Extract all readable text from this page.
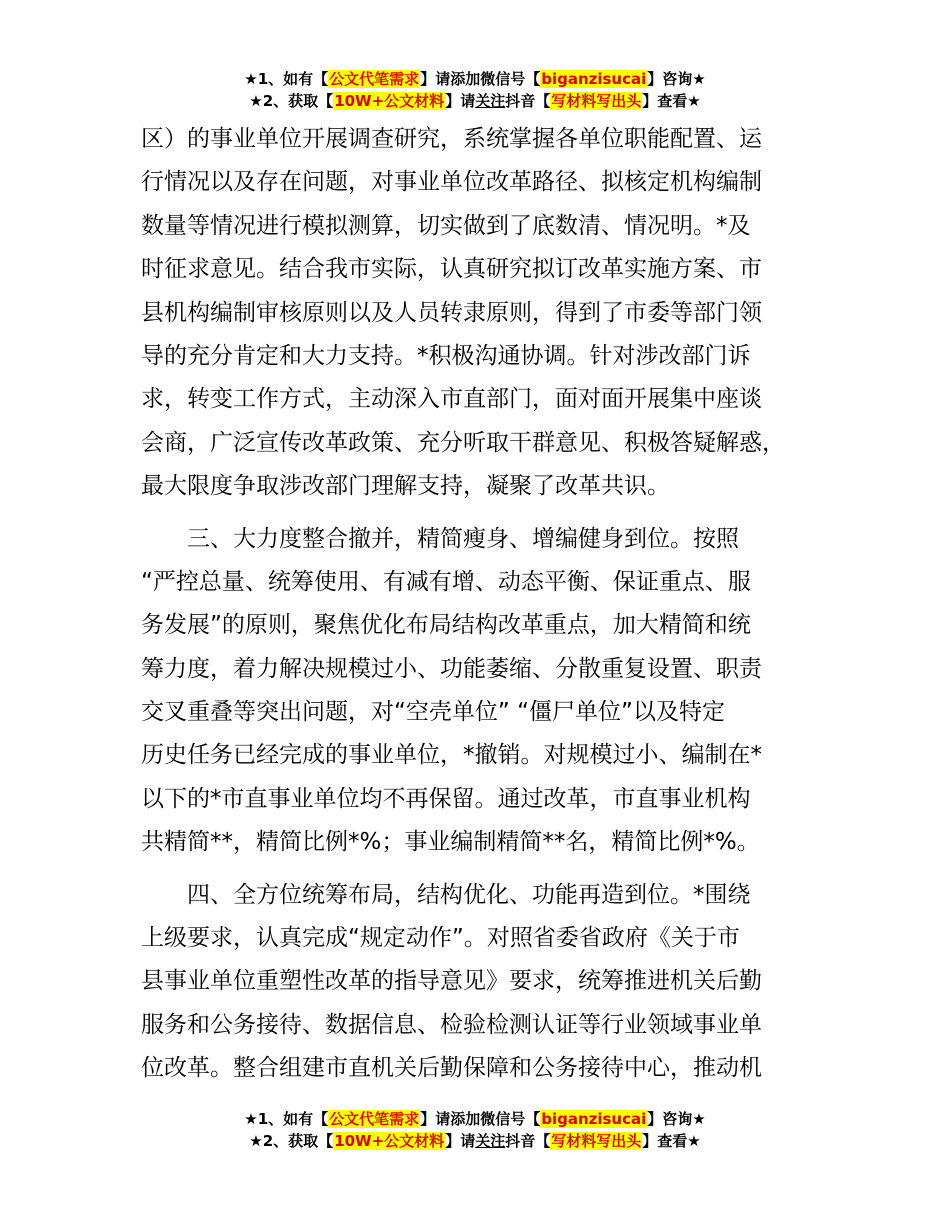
★1、如有【公文代笔需求】请添加微信号【biganzisucai】咨询★
★2、获取【10W+公文材料】请关注抖音【写材料写出头】查看★
区）的事业单位开展调查研究，系统掌握各单位职能配置、运
行情况以及存在问题，对事业单位改革路径、拟核定机构编制
数量等情况进行模拟测算，切实做到了底数清、情况明。*及
时征求意见。结合我市实际，认真研究拟订改革实施方案、市
县机构编制审核原则以及人员转隶原则，得到了市委等部门领
导的充分肯定和大力支持。*积极沟通协调。针对涉改部门诉
求，转变工作方式，主动深入市直部门，面对面开展集中座谈
会商，广泛宣传改革政策、充分听取干群意见、积极答疑解惑，
最大限度争取涉改部门理解支持，凝聚了改革共识。
　　三、大力度整合撤并，精简瘦身、增编健身到位。按照
“严控总量、统筹使用、有减有增、动态平衡、保证重点、服
务发展”的原则，聚焦优化布局结构改革重点，加大精简和统
筹力度，着力解决规模过小、功能萎缩、分散重复设置、职责
交叉重叠等突出问题，对“空壳单位” “僵尸单位”以及特定
历史任务已经完成的事业单位，*撤销。对规模过小、编制在*
以下的*市直事业单位均不再保留。通过改革，市直事业机构
共精简**，精简比例*%；事业编制精简**名，精简比例*%。
　　四、全方位统筹布局，结构优化、功能再造到位。*围绕
上级要求，认真完成“规定动作”。对照省委省政府《关于市
县事业单位重塑性改革的指导意见》要求，统筹推进机关后勤
服务和公务接待、数据信息、检验检测认证等行业领域事业单
位改革。整合组建市直机关后勤保障和公务接待中心，推动机
★1、如有【公文代笔需求】请添加微信号【biganzisucai】咨询★
★2、获取【10W+公文材料】请关注抖音【写材料写出头】查看★
